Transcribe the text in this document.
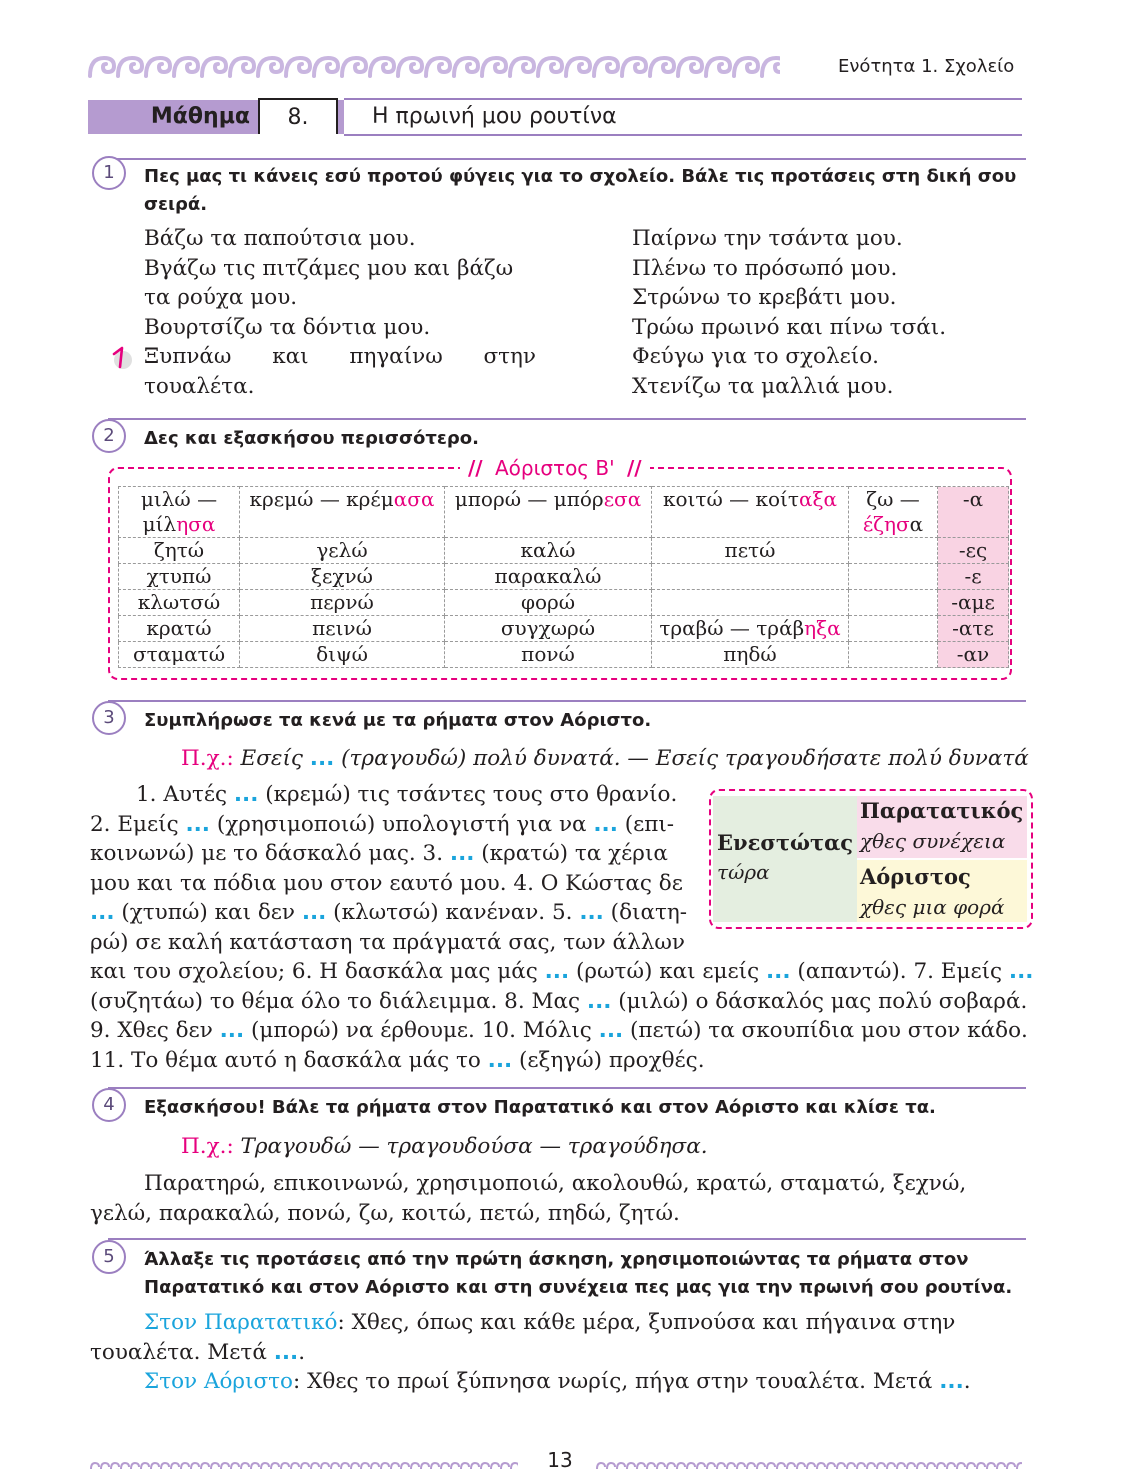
Ενότητα 1. Σχολείο
Μάθημα	8.	Η πρωινή μου ρουτίνα
1	Πες μας τι κάνεις εσύ προτού φύγεις για το σχολείο. Βάλε τις προτάσεις στη δική σου σειρά.
Βάζω τα παπούτσια μου.
Βγάζω τις πιτζάμες μου και βάζω
τα ρούχα μου.
Βουρτσίζω τα δόντια μου.
Ξυπνάω και πηγαίνω στην
τουαλέτα.
Παίρνω την τσάντα μου.
Πλένω το πρόσωπό μου.
Στρώνω το κρεβάτι μου.
Τρώω πρωινό και πίνω τσάι.
Φεύγω για το σχολείο.
Χτενίζω τα μαλλιά μου.
2	Δες και εξασκήσου περισσότερο.
// Αόριστος Β' //
μιλώ — μίλησα	κρεμώ — κρέμασα	μπορώ — μπόρεσα	κοιτώ — κοίταξα	ζω — έζησα	-α
ζητώ	γελώ	καλώ	πετώ		-ες
χτυπώ	ξεχνώ	παρακαλώ			-ε
κλωτσώ	περνώ	φορώ			-αμε
κρατώ	πεινώ	συγχωρώ	τραβώ — τράβηξα		-ατε
σταματώ	διψώ	πονώ	πηδώ		-αν
3	Συμπλήρωσε τα κενά με τα ρήματα στον Αόριστο.
Π.χ.: Εσείς ... (τραγουδώ) πολύ δυνατά. — Εσείς τραγουδήσατε πολύ δυνατά
Ενεστώτας
τώρα
Παρατατικός
χθες συνέχεια
Αόριστος
χθες μια φορά
1. Αυτές ... (κρεμώ) τις τσάντες τους στο θρανίο.
2. Εμείς ... (χρησιμοποιώ) υπολογιστή για να ... (επι-
κοινωνώ) με το δάσκαλό μας. 3. ... (κρατώ) τα χέρια
μου και τα πόδια μου στον εαυτό μου. 4. Ο Κώστας δε
... (χτυπώ) και δεν ... (κλωτσώ) κανέναν. 5. ... (διατη-
ρώ) σε καλή κατάσταση τα πράγματά σας, των άλλων
και του σχολείου; 6. Η δασκάλα μας μάς ... (ρωτώ) και εμείς ... (απαντώ). 7. Εμείς ...
(συζητάω) το θέμα όλο το διάλειμμα. 8. Μας ... (μιλώ) ο δάσκαλός μας πολύ σοβαρά.
9. Χθες δεν ... (μπορώ) να έρθουμε. 10. Μόλις ... (πετώ) τα σκουπίδια μου στον κάδο.
11. Το θέμα αυτό η δασκάλα μάς το ... (εξηγώ) προχθές.
4	Εξασκήσου! Βάλε τα ρήματα στον Παρατατικό και στον Αόριστο και κλίσε τα.
Π.χ.: Τραγουδώ — τραγουδούσα — τραγούδησα.
Παρατηρώ, επικοινωνώ, χρησιμοποιώ, ακολουθώ, κρατώ, σταματώ, ξεχνώ,
γελώ, παρακαλώ, πονώ, ζω, κοιτώ, πετώ, πηδώ, ζητώ.
5	Άλλαξε τις προτάσεις από την πρώτη άσκηση, χρησιμοποιώντας τα ρήματα στον Παρατατικό και στον Αόριστο και στη συνέχεια πες μας για την πρωινή σου ρουτίνα.
Στον Παρατατικό: Χθες, όπως και κάθε μέρα, ξυπνούσα και πήγαινα στην
τουαλέτα. Μετά ....
Στον Αόριστο: Χθες το πρωί ξύπνησα νωρίς, πήγα στην τουαλέτα. Μετά ....
13
